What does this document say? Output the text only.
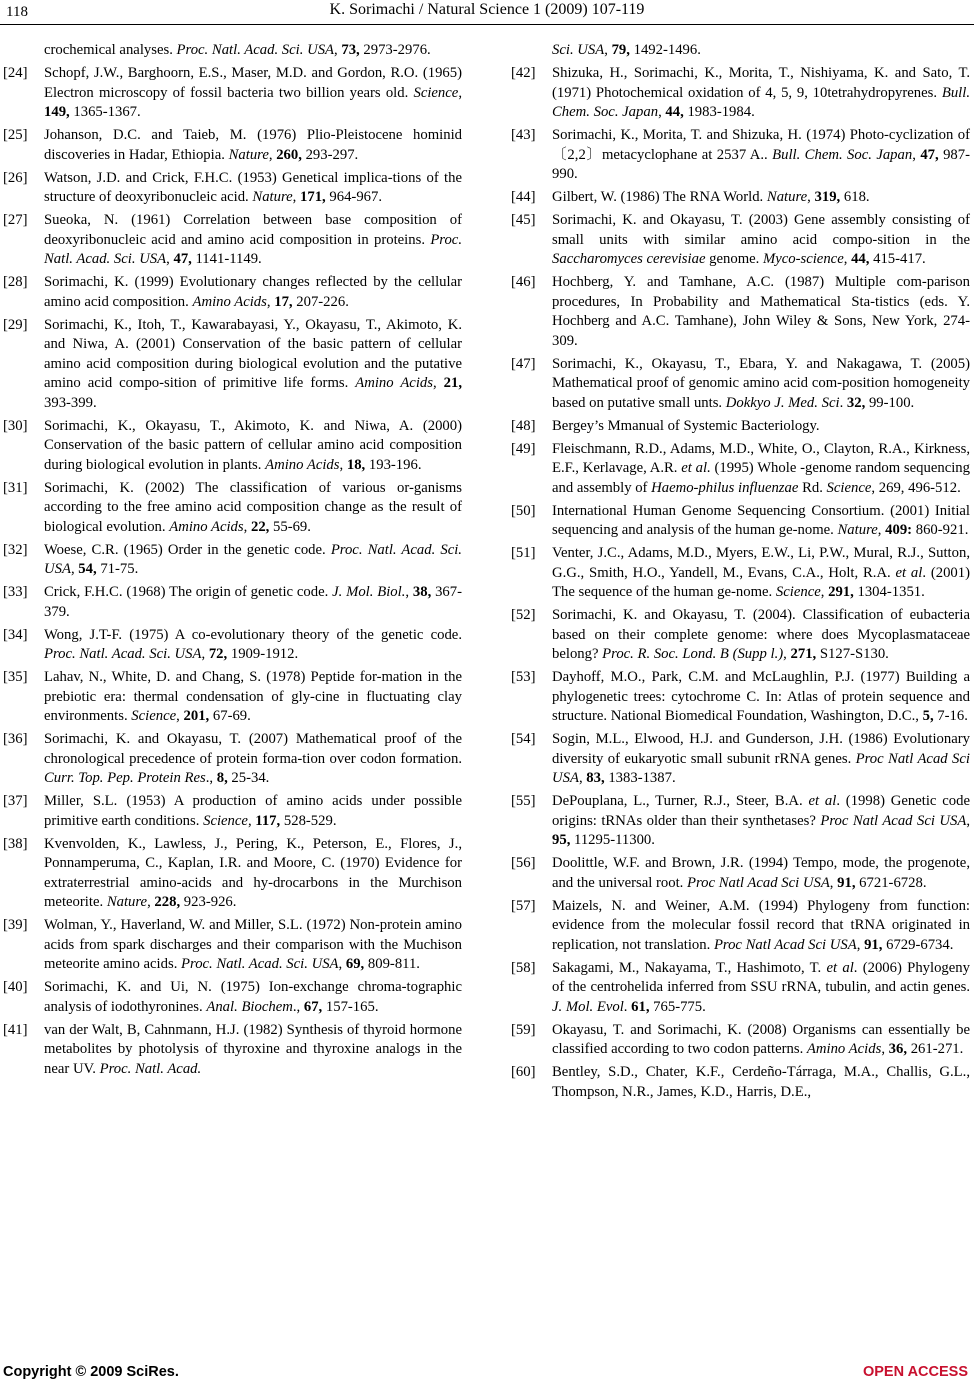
118	K. Sorimachi / Natural Science 1 (2009) 107-119
crochemical analyses. Proc. Natl. Acad. Sci. USA, 73, 2973-2976.
[24] Schopf, J.W., Barghoorn, E.S., Maser, M.D. and Gordon, R.O. (1965) Electron microscopy of fossil bacteria two billion years old. Science, 149, 1365-1367.
[25] Johanson, D.C. and Taieb, M. (1976) Plio-Pleistocene hominid discoveries in Hadar, Ethiopia. Nature, 260, 293-297.
[26] Watson, J.D. and Crick, F.H.C. (1953) Genetical implica-tions of the structure of deoxyribonucleic acid. Nature, 171, 964-967.
[27] Sueoka, N. (1961) Correlation between base composition of deoxyribonucleic acid and amino acid composition in proteins. Proc. Natl. Acad. Sci. USA, 47, 1141-1149.
[28] Sorimachi, K. (1999) Evolutionary changes reflected by the cellular amino acid composition. Amino Acids, 17, 207-226.
[29] Sorimachi, K., Itoh, T., Kawarabayasi, Y., Okayasu, T., Akimoto, K. and Niwa, A. (2001) Conservation of the basic pattern of cellular amino acid composition during biological evolution and the putative amino acid compo-sition of primitive life forms. Amino Acids, 21, 393-399.
[30] Sorimachi, K., Okayasu, T., Akimoto, K. and Niwa, A. (2000) Conservation of the basic pattern of cellular amino acid composition during biological evolution in plants. Amino Acids, 18, 193-196.
[31] Sorimachi, K. (2002) The classification of various or-ganisms according to the free amino acid composition change as the result of biological evolution. Amino Acids, 22, 55-69.
[32] Woese, C.R. (1965) Order in the genetic code. Proc. Natl. Acad. Sci. USA, 54, 71-75.
[33] Crick, F.H.C. (1968) The origin of genetic code. J. Mol. Biol., 38, 367-379.
[34] Wong, J.T-F. (1975) A co-evolutionary theory of the genetic code. Proc. Natl. Acad. Sci. USA, 72, 1909-1912.
[35] Lahav, N., White, D. and Chang, S. (1978) Peptide for-mation in the prebiotic era: thermal condensation of gly-cine in fluctuating clay environments. Science, 201, 67-69.
[36] Sorimachi, K. and Okayasu, T. (2007) Mathematical proof of the chronological precedence of protein forma-tion over codon formation. Curr. Top. Pep. Protein Res., 8, 25-34.
[37] Miller, S.L. (1953) A production of amino acids under possible primitive earth conditions. Science, 117, 528-529.
[38] Kvenvolden, K., Lawless, J., Pering, K., Peterson, E., Flores, J., Ponnamperuma, C., Kaplan, I.R. and Moore, C. (1970) Evidence for extraterrestrial amino-acids and hy-drocarbons in the Murchison meteorite. Nature, 228, 923-926.
[39] Wolman, Y., Haverland, W. and Miller, S.L. (1972) Non-protein amino acids from spark discharges and their comparison with the Muchison meteorite amino acids. Proc. Natl. Acad. Sci. USA, 69, 809-811.
[40] Sorimachi, K. and Ui, N. (1975) Ion-exchange chroma-tographic analysis of iodothyronines. Anal. Biochem., 67, 157-165.
[41] van der Walt, B, Cahnmann, H.J. (1982) Synthesis of thyroid hormone metabolites by photolysis of thyroxine and thyroxine analogs in the near UV. Proc. Natl. Acad.
Sci. USA, 79, 1492-1496.
[42] Shizuka, H., Sorimachi, K., Morita, T., Nishiyama, K. and Sato, T. (1971) Photochemical oxidation of 4, 5, 9, 10tetrahydropyrenes. Bull. Chem. Soc. Japan, 44, 1983-1984.
[43] Sorimachi, K., Morita, T. and Shizuka, H. (1974) Photo-cyclization of 〔2,2〕metacyclophane at 2537 A.. Bull. Chem. Soc. Japan, 47, 987-990.
[44] Gilbert, W. (1986) The RNA World. Nature, 319, 618.
[45] Sorimachi, K. and Okayasu, T. (2003) Gene assembly consisting of small units with similar amino acid compo-sition in the Saccharomyces cerevisiae genome. Myco-science, 44, 415-417.
[46] Hochberg, Y. and Tamhane, A.C. (1987) Multiple com-parison procedures, In Probability and Mathematical Sta-tistics (eds. Y. Hochberg and A.C. Tamhane), John Wiley & Sons, New York, 274-309.
[47] Sorimachi, K., Okayasu, T., Ebara, Y. and Nakagawa, T. (2005) Mathematical proof of genomic amino acid com-position homogeneity based on putative small unts. Dokkyo J. Med. Sci. 32, 99-100.
[48] Bergey’s Mmanual of Systemic Bacteriology.
[49] Fleischmann, R.D., Adams, M.D., White, O., Clayton, R.A., Kirkness, E.F., Kerlavage, A.R. et al. (1995) Whole -genome random sequencing and assembly of Haemo-philus influenzae Rd. Science, 269, 496-512.
[50] International Human Genome Sequencing Consortium. (2001) Initial sequencing and analysis of the human ge-nome. Nature, 409: 860-921.
[51] Venter, J.C., Adams, M.D., Myers, E.W., Li, P.W., Mural, R.J., Sutton, G.G., Smith, H.O., Yandell, M., Evans, C.A., Holt, R.A. et al. (2001) The sequence of the human ge-nome. Science, 291, 1304-1351.
[52] Sorimachi, K. and Okayasu, T. (2004). Classification of eubacteria based on their complete genome: where does Mycoplasmataceae belong? Proc. R. Soc. Lond. B (Supp l.), 271, S127-S130.
[53] Dayhoff, M.O., Park, C.M. and McLaughlin, P.J. (1977) Building a phylogenetic trees: cytochrome C. In: Atlas of protein sequence and structure. National Biomedical Foundation, Washington, D.C., 5, 7-16.
[54] Sogin, M.L., Elwood, H.J. and Gunderson, J.H. (1986) Evolutionary diversity of eukaryotic small subunit rRNA genes. Proc Natl Acad Sci USA, 83, 1383-1387.
[55] DePouplana, L., Turner, R.J., Steer, B.A. et al. (1998) Genetic code origins: tRNAs older than their synthetases? Proc Natl Acad Sci USA, 95, 11295-11300.
[56] Doolittle, W.F. and Brown, J.R. (1994) Tempo, mode, the progenote, and the universal root. Proc Natl Acad Sci USA, 91, 6721-6728.
[57] Maizels, N. and Weiner, A.M. (1994) Phylogeny from function: evidence from the molecular fossil record that tRNA originated in replication, not translation. Proc Natl Acad Sci USA, 91, 6729-6734.
[58] Sakagami, M., Nakayama, T., Hashimoto, T. et al. (2006) Phylogeny of the centrohelida inferred from SSU rRNA, tubulin, and actin genes. J. Mol. Evol. 61, 765-775.
[59] Okayasu, T. and Sorimachi, K. (2008) Organisms can essentially be classified according to two codon patterns. Amino Acids, 36, 261-271.
[60] Bentley, S.D., Chater, K.F., Cerdeño-Tárraga, M.A., Challis, G.L., Thompson, N.R., James, K.D., Harris, D.E.,
Copyright © 2009 SciRes.	OPEN ACCESS
